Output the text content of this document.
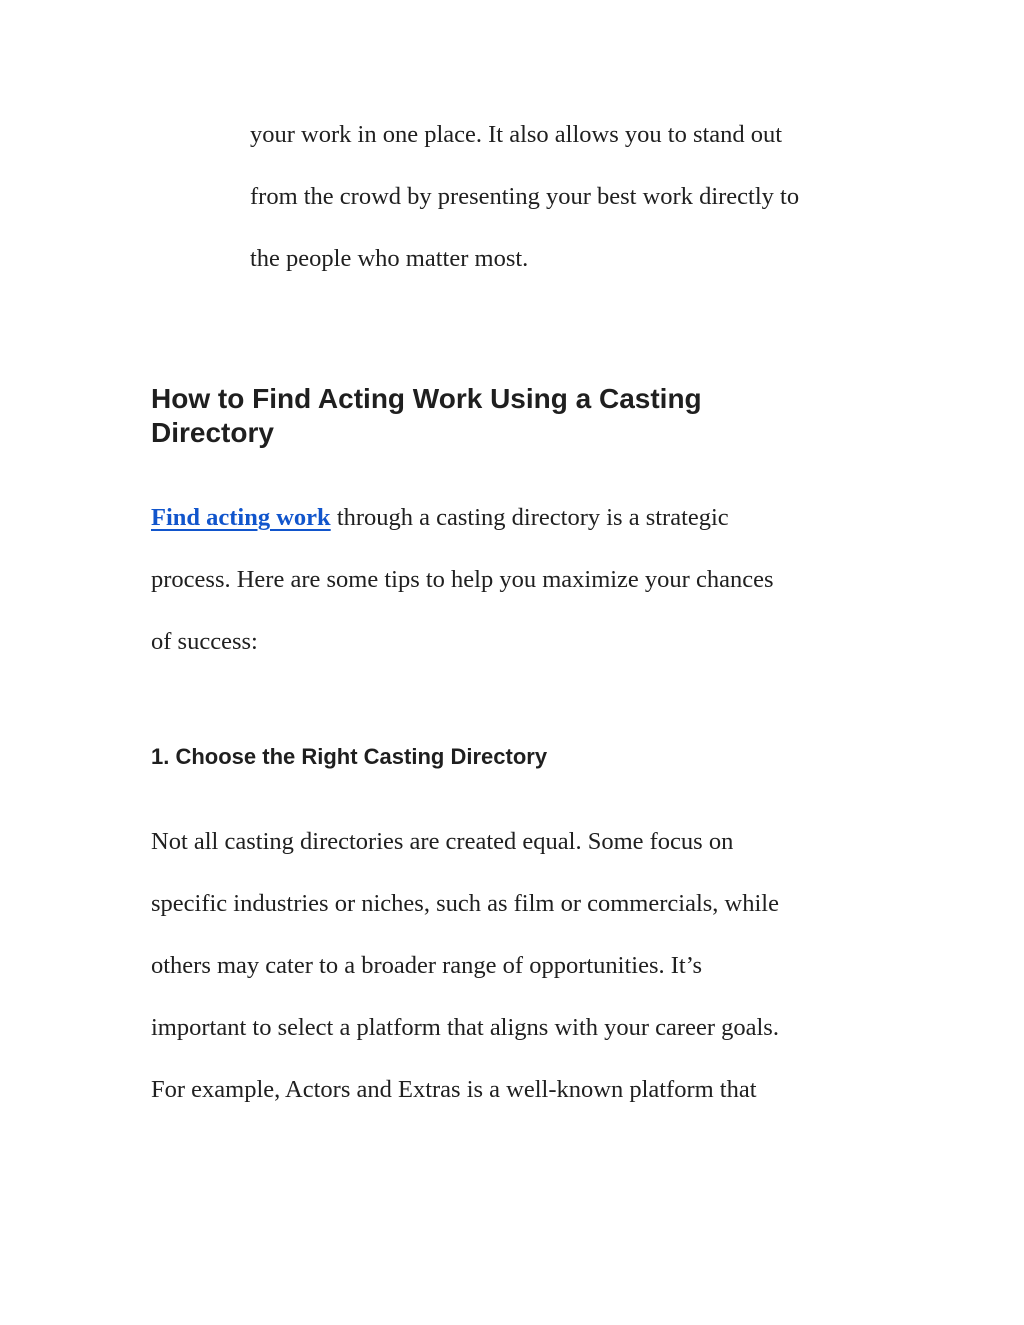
your work in one place. It also allows you to stand out

from the crowd by presenting your best work directly to

the people who matter most.

How to Find Acting Work Using a Casting
Directory

Find acting work through a casting directory is a strategic

process. Here are some tips to help you maximize your chances

of success:

1. Choose the Right Casting Directory

Not all casting directories are created equal. Some focus on

specific industries or niches, such as film or commercials, while

others may cater to a broader range of opportunities. It’s

important to select a platform that aligns with your career goals.

For example, Actors and Extras is a well-known platform that
